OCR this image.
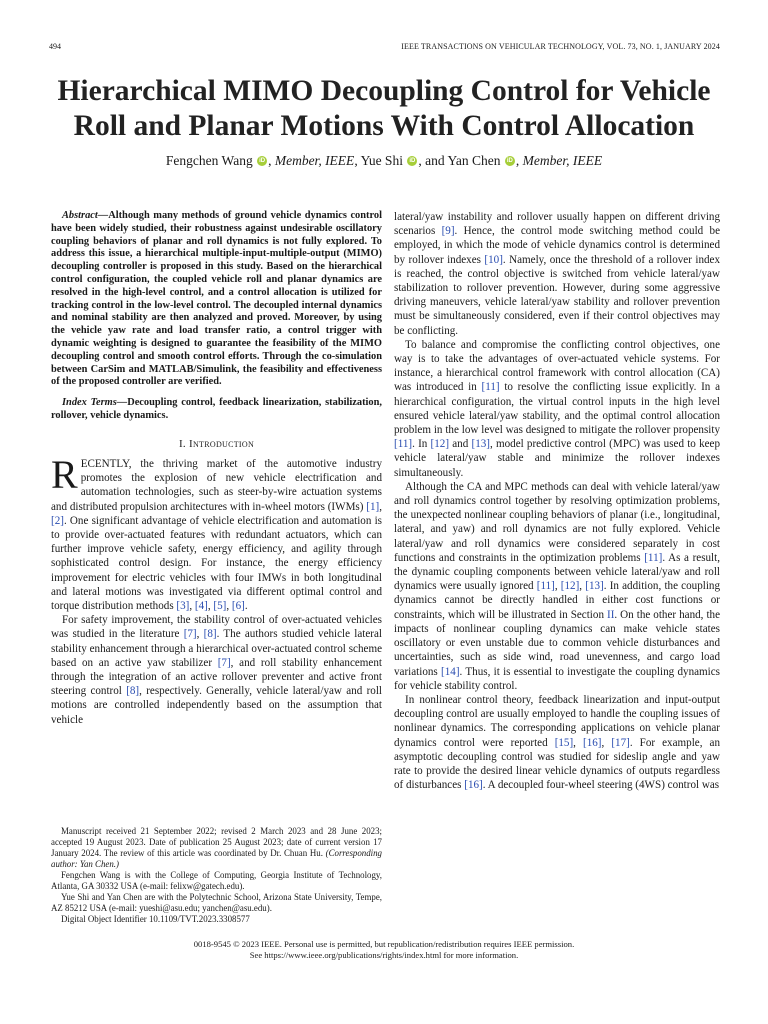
494	IEEE TRANSACTIONS ON VEHICULAR TECHNOLOGY, VOL. 73, NO. 1, JANUARY 2024
Hierarchical MIMO Decoupling Control for Vehicle
Roll and Planar Motions With Control Allocation
Fengchen Wang iD , Member, IEEE, Yue Shi iD , and Yan Chen iD , Member, IEEE
Abstract—Although many methods of ground vehicle dynamics control have been widely studied, their robustness against undesirable oscillatory coupling behaviors of planar and roll dynamics is not fully explored. To address this issue, a hierarchical multiple-input-multiple-output (MIMO) decoupling controller is proposed in this study. Based on the hierarchical control configuration, the coupled vehicle roll and planar dynamics are resolved in the high-level control, and a control allocation is utilized for tracking control in the low-level control. The decoupled internal dynamics and nominal stability are then analyzed and proved. Moreover, by using the vehicle yaw rate and load transfer ratio, a control trigger with dynamic weighting is designed to guarantee the feasibility of the MIMO decoupling control and smooth control efforts. Through the co-simulation between CarSim and MATLAB/Simulink, the feasibility and effectiveness of the proposed controller are verified.
Index Terms—Decoupling control, feedback linearization, stabilization, rollover, vehicle dynamics.
I. Introduction

RECENTLY, the thriving market of the automotive industry promotes the explosion of new vehicle electrification and automation technologies, such as steer-by-wire actuation systems and distributed propulsion architectures with in-wheel motors (IWMs) [1], [2]. One significant advantage of vehicle electrification and automation is to provide over-actuated features with redundant actuators, which can further improve vehicle safety, energy efficiency, and agility through sophisticated control design. For instance, the energy efficiency improvement for electric vehicles with four IMWs in both longitudinal and lateral motions was investigated via different optimal control and torque distribution methods [3], [4], [5], [6].

For safety improvement, the stability control of over-actuated vehicles was studied in the literature [7], [8]. The authors studied vehicle lateral stability enhancement through a hierarchical over-actuated control scheme based on an active yaw stabilizer [7], and roll stability enhancement through the integration of an active rollover preventer and active front steering control [8], respectively. Generally, vehicle lateral/yaw and roll motions are controlled independently based on the assumption that vehicle

Manuscript received 21 September 2022; revised 2 March 2023 and 28 June 2023; accepted 19 August 2023. Date of publication 25 August 2023; date of current version 17 January 2024. The review of this article was coordinated by Dr. Chuan Hu. (Corresponding author: Yan Chen.)

Fengchen Wang is with the College of Computing, Georgia Institute of Technology, Atlanta, GA 30332 USA (e-mail: felixw@gatech.edu).

Yue Shi and Yan Chen are with the Polytechnic School, Arizona State University, Tempe, AZ 85212 USA (e-mail: yueshi@asu.edu; yanchen@asu.edu).

Digital Object Identifier 10.1109/TVT.2023.3308577

lateral/yaw instability and rollover usually happen on different driving scenarios [9]. Hence, the control mode switching method could be employed, in which the mode of vehicle dynamics control is determined by rollover indexes [10]. Namely, once the threshold of a rollover index is reached, the control objective is switched from vehicle lateral/yaw stabilization to rollover prevention. However, during some aggressive driving maneuvers, vehicle lateral/yaw stability and rollover prevention must be simultaneously considered, even if their control objectives may be conflicting.

To balance and compromise the conflicting control objectives, one way is to take the advantages of over-actuated vehicle systems. For instance, a hierarchical control framework with control allocation (CA) was introduced in [11] to resolve the conflicting issue explicitly. In a hierarchical configuration, the virtual control inputs in the high level ensured vehicle lateral/yaw stability, and the optimal control allocation problem in the low level was designed to mitigate the rollover propensity [11]. In [12] and [13], model predictive control (MPC) was used to keep vehicle lateral/yaw stable and minimize the rollover indexes simultaneously.

Although the CA and MPC methods can deal with vehicle lateral/yaw and roll dynamics control together by resolving optimization problems, the unexpected nonlinear coupling behaviors of planar (i.e., longitudinal, lateral, and yaw) and roll dynamics are not fully explored. Vehicle lateral/yaw and roll dynamics were considered separately in cost functions and constraints in the optimization problems [11]. As a result, the dynamic coupling components between vehicle lateral/yaw and roll dynamics were usually ignored [11], [12], [13]. In addition, the coupling dynamics cannot be directly handled in either cost functions or constraints, which will be illustrated in Section II. On the other hand, the impacts of nonlinear coupling dynamics can make vehicle states oscillatory or even unstable due to common vehicle disturbances and uncertainties, such as side wind, road unevenness, and cargo load variations [14]. Thus, it is essential to investigate the coupling dynamics for vehicle stability control.

In nonlinear control theory, feedback linearization and input-output decoupling control are usually employed to handle the coupling issues of nonlinear dynamics. The corresponding applications on vehicle planar dynamics control were reported [15], [16], [17]. For example, an asymptotic decoupling control was studied for sideslip angle and yaw rate to provide the desired linear vehicle dynamics of outputs regardless of disturbances [16]. A decoupled four-wheel steering (4WS) control was

0018-9545 © 2023 IEEE. Personal use is permitted, but republication/redistribution requires IEEE permission.
See https://www.ieee.org/publications/rights/index.html for more information.
